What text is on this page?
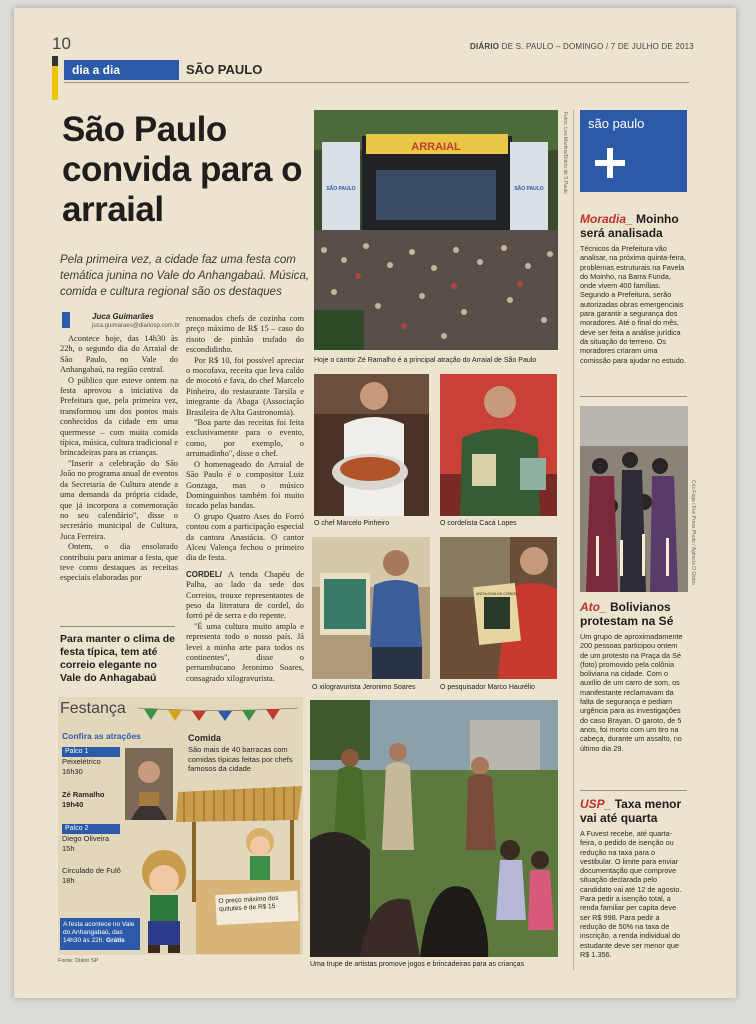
10	DIÁRIO DE S. PAULO – DOMINGO / 7 DE JULHO DE 2013
dia a dia	SÃO PAULO
São Paulo convida para o arraial
Pela primeira vez, a cidade faz uma festa com temática junina no Vale do Anhangabaú. Música, comida e cultura regional são os destaques
Juca Guimarães
juca.guimaraes@diariosp.com.br

Acontece hoje, das 14h30 às 22h, o segundo dia do Arraial de São Paulo, no Vale do Anhangabaú, na região central.

O público que esteve ontem na festa aprovou a iniciativa da Prefeitura que, pela primeira vez, transformou um dos pontos mais conhecidos da cidade em uma quermesse – com muita comida típica, música, cultura tradicional e brincadeiras para as crianças.

"Inserir a celebração do São João no programa anual de eventos da Secretaria de Cultura atende a uma demanda da própria cidade, que já incorpora a comemoração no seu calendário", disse o secretário municipal de Cultura, Juca Ferreira.

Ontem, o dia ensolarado contribuiu para animar a festa, que teve como destaques as receitas especiais elaboradas por

renomados chefs de cozinha com preço máximo de R$ 15 – caso do risoto de pinhão trufado do escondidinho.

Por R$ 10, foi possível apreciar o mocofava, receita que leva caldo de mocotó e fava, do chef Marcelo Pinheiro, do restaurante Tarsila e integrante da Abaga (Associação Brasileira de Alta Gastronomia).

"Boa parte das receitas foi feita exclusivamente para o evento, como, por exemplo, o arrumadinho", disse o chef.

O homenageado do Arraial de São Paulo é o compositor Luiz Gonzaga, mas o músico Dominguinhos também foi muito tocado pelas bandas.

O grupo Quatro Ases do Forró contou com a participação especial da cantora Anastácia. O cantor Alceu Valença fechou o primeiro dia de festa.

CORDEL/ A tenda Chapéu de Palha, ao lado da sede dos Correios, trouxe representantes de peso da literatura de cordel, do forró pé de serra e do repente.

"É uma cultura muito ampla e representa todo o nosso país. Já levei a minha arte para todos os continentes", disse o pernambucano Jeronimo Soares, consagrado xilogravurista.

Para manter o clima de festa típica, tem até correio elegante no Vale do Anhagabaú
Festança
Confira as atrações
Palco 1
Peixelétrico
16h30
Zé Ramalho
19h40
Palco 2
Diego Oliveira
15h
Circulado de Fulô
18h
Comida
São mais de 40 barracas com comidas típicas feitas por chefs famosos da cidade
O preço máximo dos quitutes é de R$ 15
A festa acontece no Vale do Anhangabaú, das 14h30 às 22h. Grátis
Fonte: Diário SP
ARRAIAL
SÃO PAULO	SÃO PAULO	Fotos: Leo Martins/Diário de S.Paulo
Hoje o cantor Zé Ramalho é a principal atração do Arraial de São Paulo
O chef Marcelo Pinheiro	O cordelista Cacá Lopes
O xilogravurista Jeronimo Soares
ANTOLOGIA DO CORDEL
O pesquisador Marco Haurélio
Uma trupe de artistas promove jogos e brincadeiras para as crianças
são paulo
Moradia_ Moinho será analisada
Técnicos da Prefeitura vão analisar, na próxima quinta-feira, problemas estruturais na Favela do Moinho, na Barra Funda, onde vivem 400 famílias. Segundo a Prefeitura, serão autorizadas obras emergenciais para garantir a segurança dos moradores. Até o final do mês, deve ser feita a análise jurídica da situação do terreno. Os moradores criaram uma comissão para ajudar no estudo.
Cris Faga / Fox Press Photo / Agência O Globo
Ato_ Bolivianos protestam na Sé
Um grupo de aproximadamente 200 pessoas participou ontem de um protesto na Praça da Sé (foto) promovido pela colônia boliviana na cidade. Com o auxílio de um carro de som, os manifestante reclamavam da falta de segurança e pediam urgência para as investigações do caso Brayan. O garoto, de 5 anos, foi morto com um tiro na cabeça, durante um assalto, no último dia 29.
USP_ Taxa menor vai até quarta
A Fuvest recebe, até quarta-feira, o pedido de isenção ou redução na taxa para o vestibular. O limite para enviar documentação que comprove situação declarada pelo candidato vai até 12 de agosto. Para pedir a isenção total, a renda familiar per capita deve ser R$ 998. Para pedir a redução de 50% na taxa de inscrição, a renda individual do estudante deve ser menor que R$ 1.356.
